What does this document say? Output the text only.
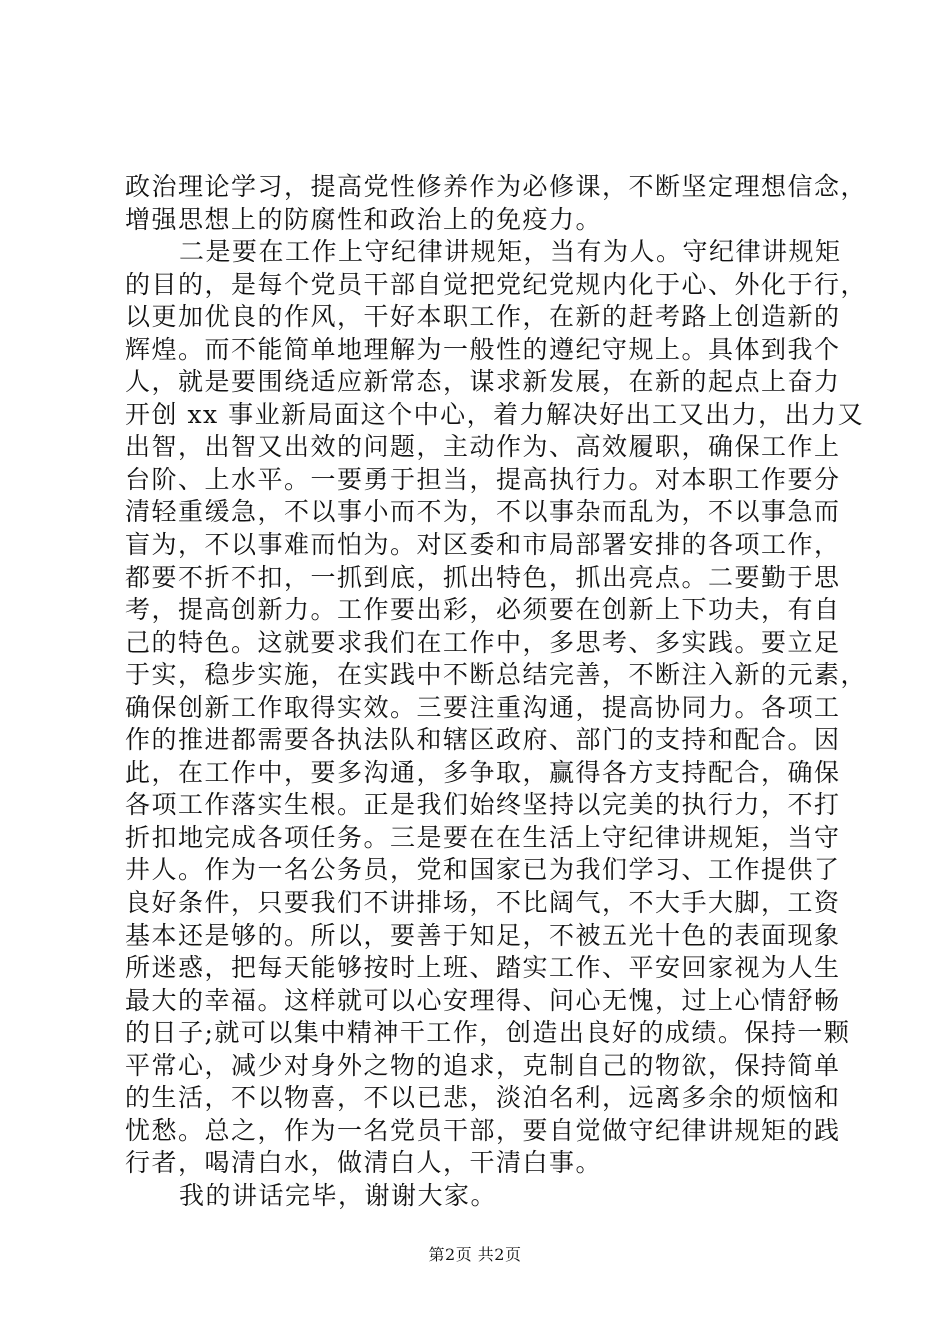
政治理论学习，提高党性修养作为必修课，不断坚定理想信念，
增强思想上的防腐性和政治上的免疫力。
二是要在工作上守纪律讲规矩，当有为人。守纪律讲规矩
的目的，是每个党员干部自觉把党纪党规内化于心、外化于行，
以更加优良的作风，干好本职工作，在新的赶考路上创造新的
辉煌。而不能简单地理解为一般性的遵纪守规上。具体到我个
人，就是要围绕适应新常态，谋求新发展，在新的起点上奋力
开创 xx 事业新局面这个中心，着力解决好出工又出力，出力又
出智，出智又出效的问题，主动作为、高效履职，确保工作上
台阶、上水平。一要勇于担当，提高执行力。对本职工作要分
清轻重缓急，不以事小而不为，不以事杂而乱为，不以事急而
盲为，不以事难而怕为。对区委和市局部署安排的各项工作，
都要不折不扣，一抓到底，抓出特色，抓出亮点。二要勤于思
考，提高创新力。工作要出彩，必须要在创新上下功夫，有自
己的特色。这就要求我们在工作中，多思考、多实践。要立足
于实，稳步实施，在实践中不断总结完善，不断注入新的元素，
确保创新工作取得实效。三要注重沟通，提高协同力。各项工
作的推进都需要各执法队和辖区政府、部门的支持和配合。因
此，在工作中，要多沟通，多争取，赢得各方支持配合，确保
各项工作落实生根。正是我们始终坚持以完美的执行力，不打
折扣地完成各项任务。三是要在在生活上守纪律讲规矩，当守
井人。作为一名公务员，党和国家已为我们学习、工作提供了
良好条件，只要我们不讲排场，不比阔气，不大手大脚，工资
基本还是够的。所以，要善于知足，不被五光十色的表面现象
所迷惑，把每天能够按时上班、踏实工作、平安回家视为人生
最大的幸福。这样就可以心安理得、问心无愧，过上心情舒畅
的日子;就可以集中精神干工作，创造出良好的成绩。保持一颗
平常心，减少对身外之物的追求，克制自己的物欲，保持简单
的生活，不以物喜，不以已悲，淡泊名利，远离多余的烦恼和
忧愁。总之，作为一名党员干部，要自觉做守纪律讲规矩的践
行者，喝清白水，做清白人，干清白事。
我的讲话完毕，谢谢大家。
第2页 共2页
